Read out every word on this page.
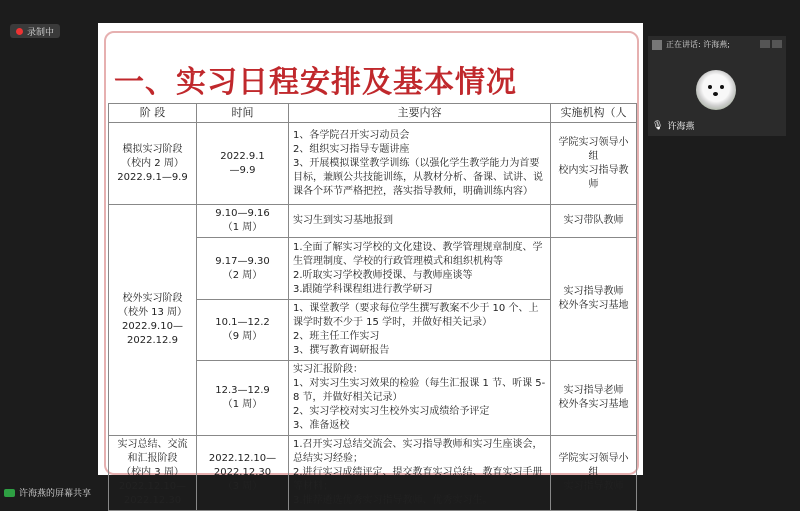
录制中
一、实习日程安排及基本情况
阶 段	时间	主要内容	实施机构（人
模拟实习阶段
（校内 2 周）
2022.9.1—9.9	2022.9.1
—9.9	1、各学院召开实习动员会
2、组织实习指导专题讲座
3、开展模拟课堂教学训练（以强化学生教学能力为首要目标，兼顾公共技能训练，从教材分析、备课、试讲、说课各个环节严格把控，落实指导教师，明确训练内容）	学院实习领导小组
校内实习指导教师
校外实习阶段
（校外 13 周）
2022.9.10—
2022.12.9	9.10—9.16
（1 周）	实习生到实习基地报到	实习带队教师
	9.17—9.30
（2 周）	1.全面了解实习学校的文化建设、教学管理规章制度、学生管理制度、学校的行政管理模式和组织机构等
2.听取实习学校教师授课、与教师座谈等
3.跟随学科课程组进行教学研习	实习指导教师
校外各实习基地
	10.1—12.2
（9 周）	1、课堂教学（要求每位学生撰写教案不少于 10 个、上课学时数不少于 15 学时，并做好相关记录）
2、班主任工作实习
3、撰写教育调研报告	
	12.3—12.9
（1 周）	实习汇报阶段：
1、对实习生实习效果的检验（每生汇报课 1 节、听课 5-8 节，并做好相关记录）
2、实习学校对实习生校外实习成绩给予评定
3、准备返校	实习指导老师
校外各实习基地
实习总结、交流和汇报阶段
（校内 3 周）
2022.12.10—
2022.12.30	2022.12.10—
2022.12.30
（3 周）	1.召开实习总结交流会、实习指导教师和实习生座谈会，总结实习经验；
2.进行实习成绩评定、提交教育实习总结、教育实习手册等材料；
3.推荐遴选优秀实习指导教师、优秀实习生。	学院实习领导小组
实习指导教师
正在讲话: 许海燕;
🎙 许海燕
许海燕的屏幕共享
